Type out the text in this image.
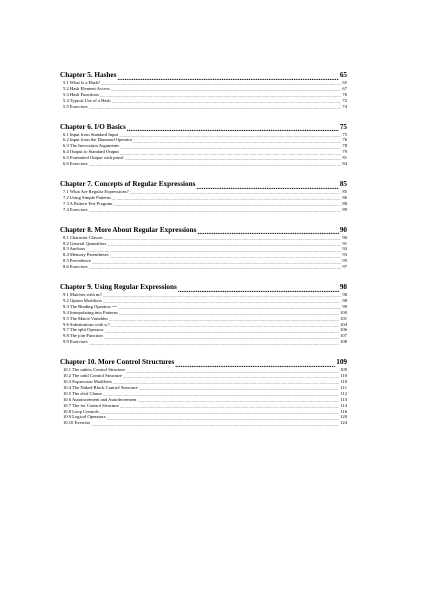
Chapter 5. Hashes .....	65
5.1 What Is a Hash? .....	65
5.2 Hash Element Access .....	67
5.3 Hash Functions .....	70
5.4 Typical Use of a Hash .....	72
5.5 Exercises .....	74
Chapter 6. I/O Basics .....	75
6.1 Input from Standard Input .....	75
6.2 Input from the Diamond Operator .....	76
6.3 The Invocation Arguments .....	78
6.4 Output to Standard Output .....	79
6.5 Formatted Output with printf .....	81
6.6 Exercises .....	84
Chapter 7. Concepts of Regular Expressions .....	85
7.1 What Are Regular Expressions? .....	85
7.2 Using Simple Patterns .....	86
7.3 A Pattern Test Program .....	88
7.4 Exercises .....	89
Chapter 8. More About Regular Expressions .....	90
8.1 Character Classes .....	90
8.2 General Quantifiers .....	91
8.3 Anchors .....	92
8.4 Memory Parentheses .....	93
8.5 Precedence .....	95
8.6 Exercises .....	97
Chapter 9. Using Regular Expressions .....	98
9.1 Matches with m// .....	98
9.2 Option Modifiers .....	98
9.3 The Binding Operator, =~ .....	99
9.4 Interpolating into Patterns .....	100
9.5 The Match Variables .....	101
9.6 Substitutions with s/// .....	104
9.7 The split Operator .....	106
9.8 The join Function .....	107
9.9 Exercises .....	108
Chapter 10. More Control Structures .....	109
10.1 The unless Control Structure .....	109
10.2 The until Control Structure .....	110
10.3 Expression Modifiers .....	110
10.4 The Naked Block Control Structure .....	111
10.5 The elsif Clause .....	112
10.6 Autoincrement and Autodecrement .....	113
10.7 The for Control Structure .....	114
10.8 Loop Controls .....	116
10.9 Logical Operators .....	120
10.10 Exercise .....	124
